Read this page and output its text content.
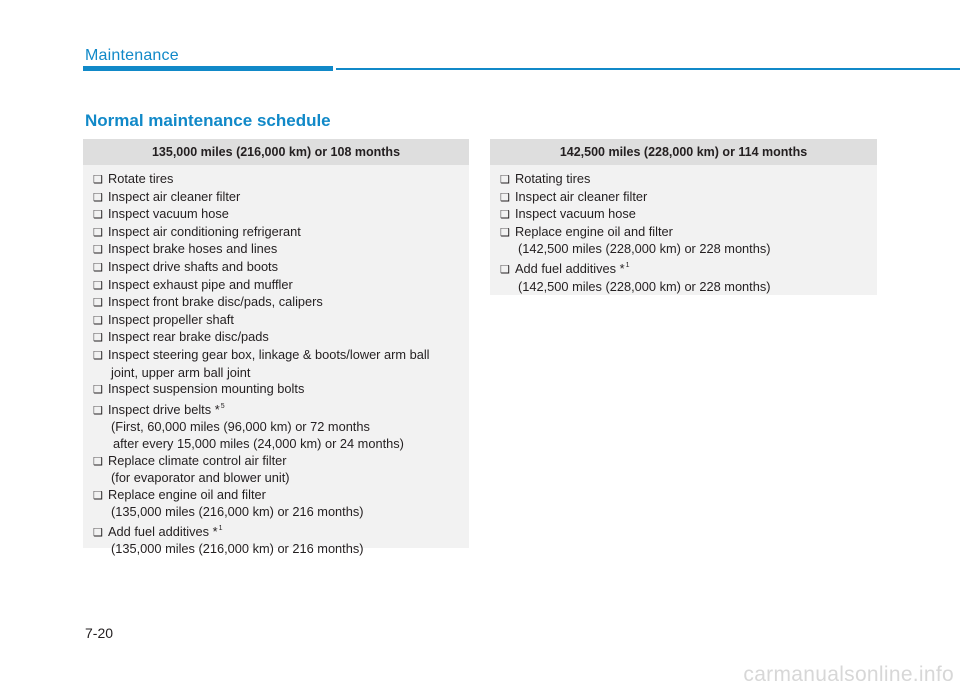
Maintenance
Normal maintenance schedule
135,000 miles (216,000 km) or 108 months
❑ Rotate tires
❑ Inspect air cleaner filter
❑ Inspect vacuum hose
❑ Inspect air conditioning refrigerant
❑ Inspect brake hoses and lines
❑ Inspect drive shafts and boots
❑ Inspect exhaust pipe and muffler
❑ Inspect front brake disc/pads, calipers
❑ Inspect propeller shaft
❑ Inspect rear brake disc/pads
❑ Inspect steering gear box, linkage & boots/lower arm ball
joint, upper arm ball joint
❑ Inspect suspension mounting bolts
❑ Inspect drive belts *$^5$
(First, 60,000 miles (96,000 km) or 72 months
after every 15,000 miles (24,000 km) or 24 months)
❑ Replace climate control air filter
(for evaporator and blower unit)
❑ Replace engine oil and filter
(135,000 miles (216,000 km) or 216 months)
❑ Add fuel additives *$^1$
(135,000 miles (216,000 km) or 216 months)
142,500 miles (228,000 km) or 114 months
❑ Rotating tires
❑ Inspect air cleaner filter
❑ Inspect vacuum hose
❑ Replace engine oil and filter
(142,500 miles (228,000 km) or 228 months)
❑ Add fuel additives *$^1$
(142,500 miles (228,000 km) or 228 months)
7-20
carmanualsonline.info
